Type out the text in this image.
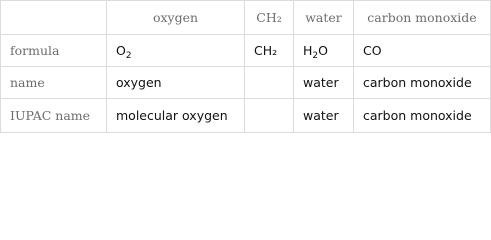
	oxygen	CH₂	water	carbon monoxide
formula	$O_2$	CH₂	$H_2O$	CO
name	oxygen		water	carbon monoxide
IUPAC name	molecular oxygen		water	carbon monoxide
